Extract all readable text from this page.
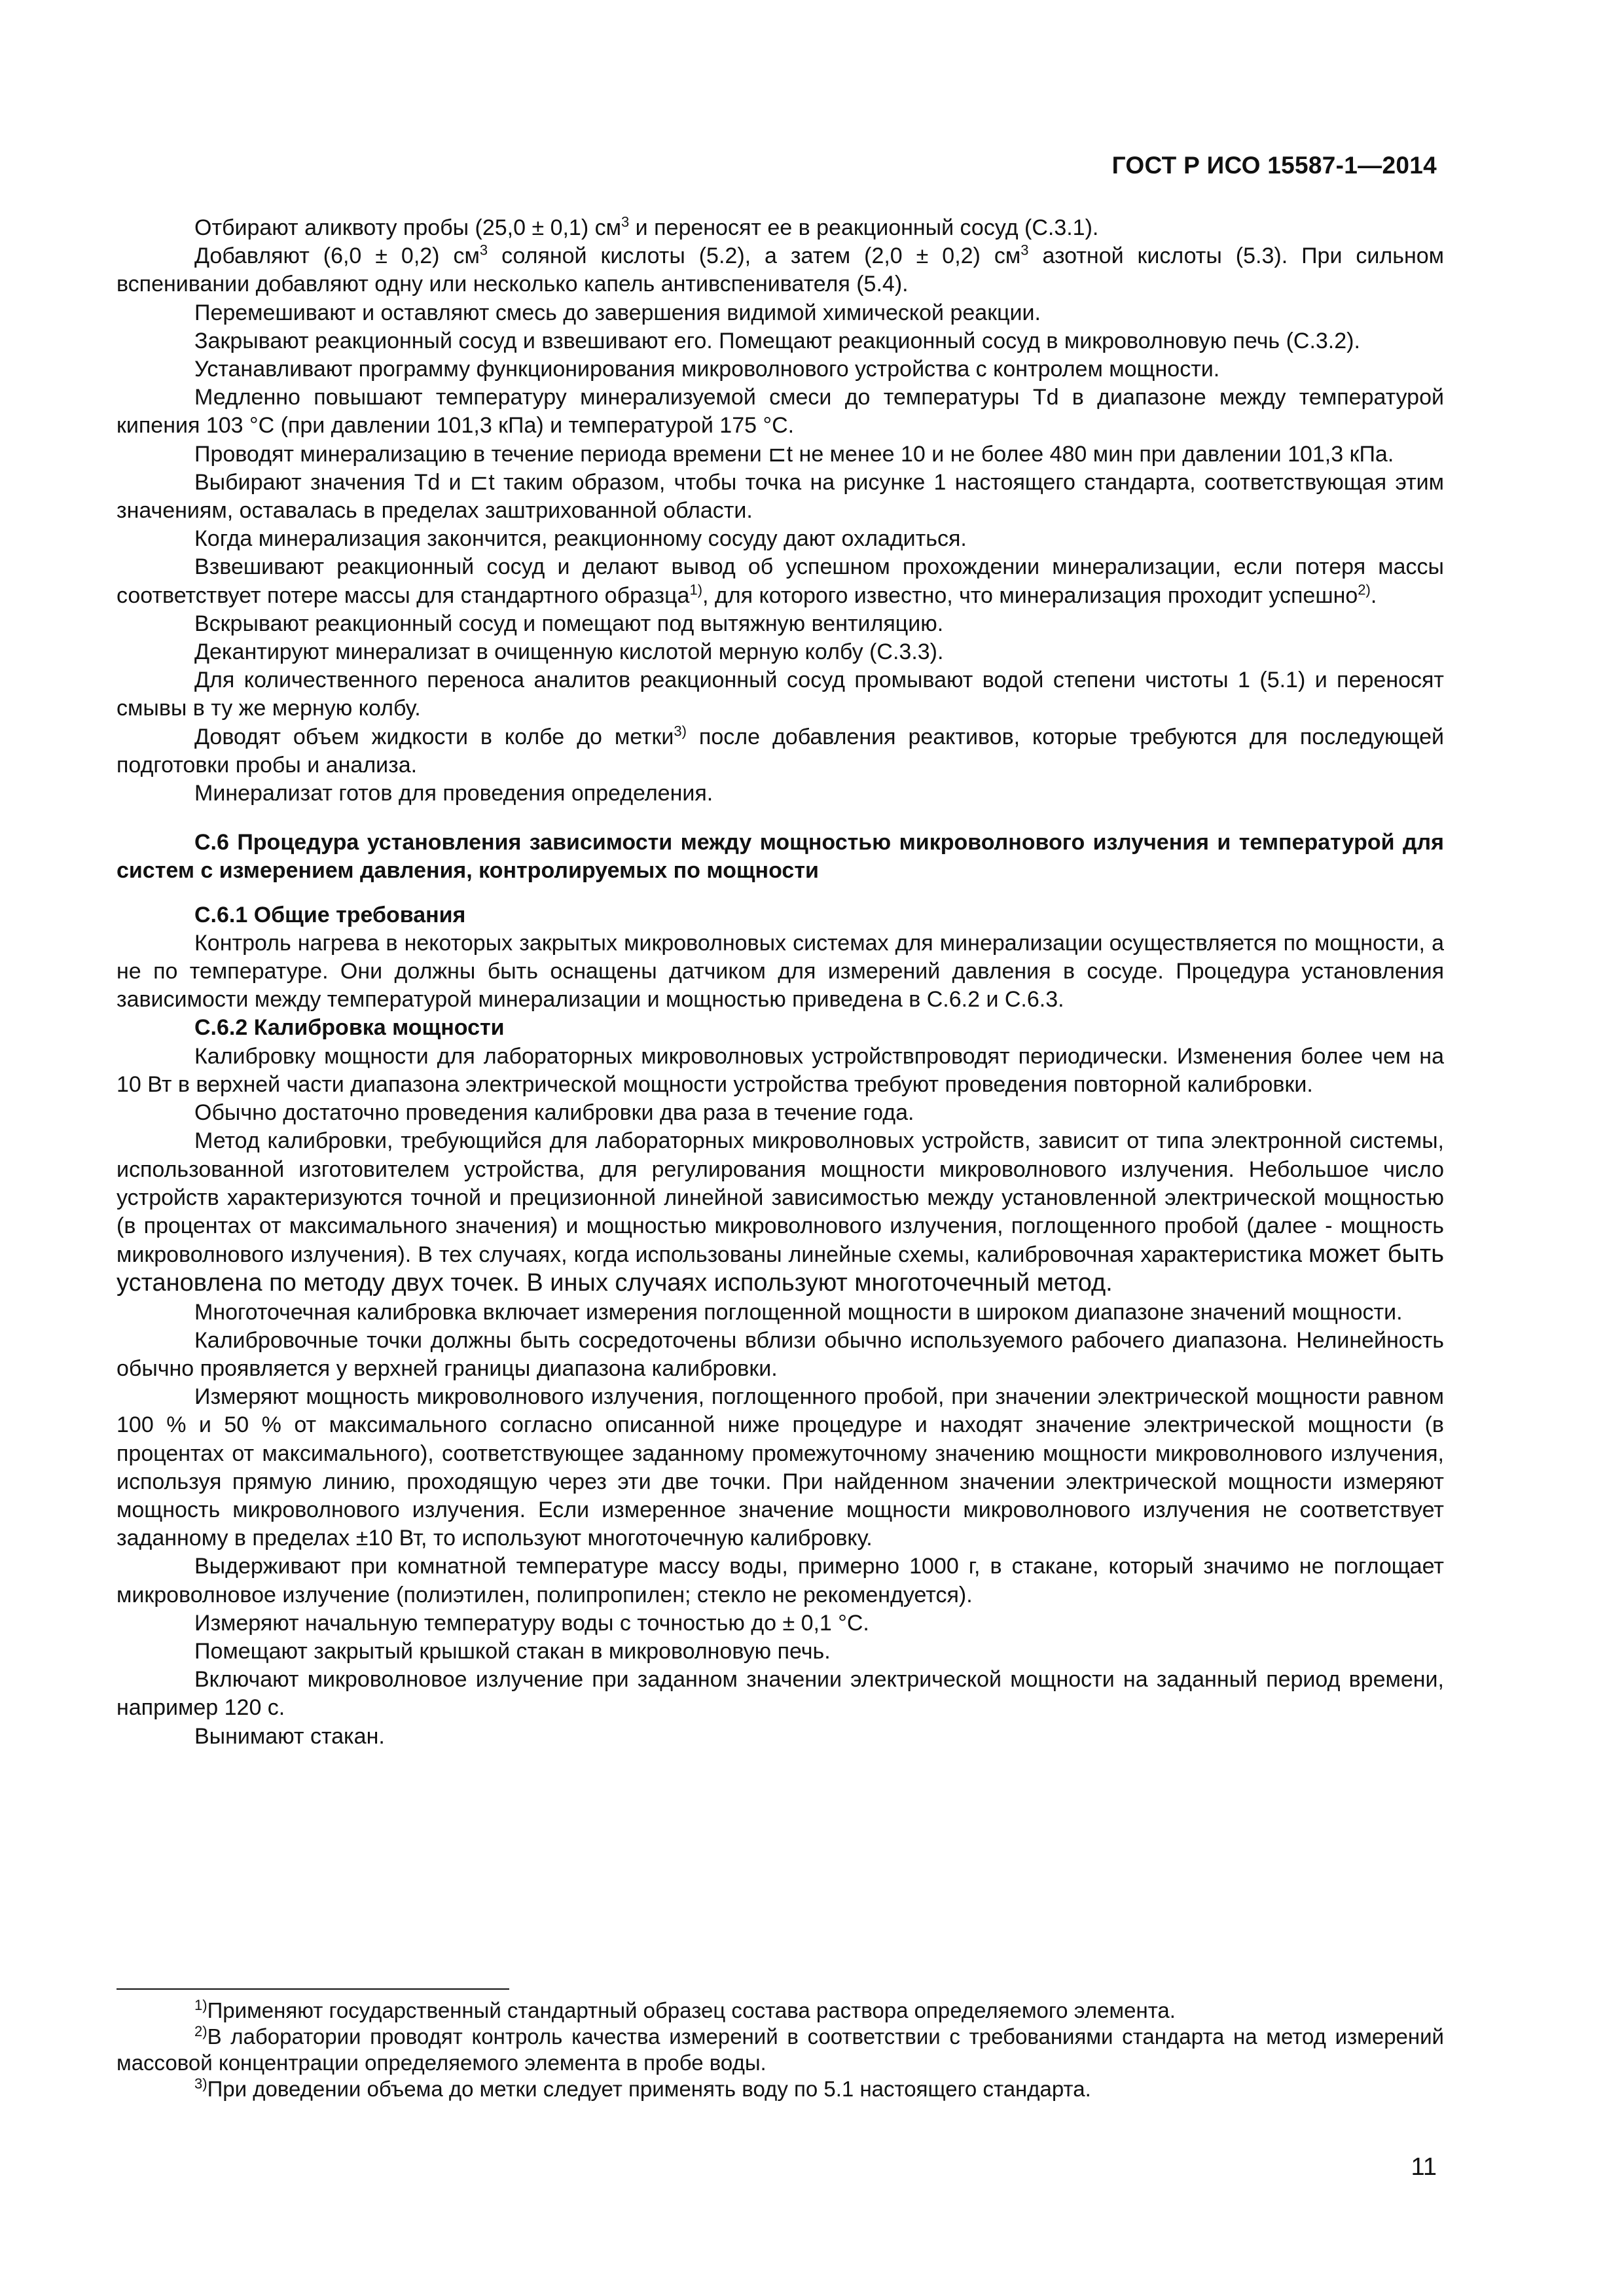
ГОСТ Р ИСО 15587-1—2014

Отбирают аликвоту пробы (25,0 ± 0,1) $см^3$ и переносят ее в реакционный сосуд (С.3.1).

Добавляют (6,0 ± 0,2) $см^3$ соляной кислоты (5.2), а затем (2,0 ± 0,2) $см^3$ азотной кислоты (5.3). При сильном вспенивании добавляют одну или несколько капель антивспенивателя (5.4).

Перемешивают и оставляют смесь до завершения видимой химической реакции.

Закрывают реакционный сосуд и взвешивают его. Помещают реакционный сосуд в микроволновую печь (С.3.2).

Устанавливают программу функционирования микроволнового устройства с контролем мощности.

Медленно повышают температуру минерализуемой смеси до температуры Td в диапазоне между температурой кипения 103 °С (при давлении 101,3 кПа) и температурой 175 °С.

Проводят минерализацию в течение периода времени ⊏t не менее 10 и не более 480 мин при давлении 101,3 кПа.

Выбирают значения Td и ⊏t таким образом, чтобы точка на рисунке 1 настоящего стандарта, соответствующая этим значениям, оставалась в пределах заштрихованной области.

Когда минерализация закончится, реакционному сосуду дают охладиться.

Взвешивают реакционный сосуд и делают вывод об успешном прохождении минерализации, если потеря массы соответствует потере массы для стандартного образца$^{1)}$, для которого известно, что минерализация проходит успешно$^{2)}$.

Вскрывают реакционный сосуд и помещают под вытяжную вентиляцию.

Декантируют минерализат в очищенную кислотой мерную колбу (С.3.3).

Для количественного переноса аналитов реакционный сосуд промывают водой степени чистоты 1 (5.1) и переносят смывы в ту же мерную колбу.

Доводят объем жидкости в колбе до метки$^{3)}$ после добавления реактивов, которые требуются для последующей подготовки пробы и анализа.

Минерализат готов для проведения определения.

С.6 Процедура установления зависимости между мощностью микроволнового излучения и температурой для систем с измерением давления, контролируемых по мощности

С.6.1 Общие требования

Контроль нагрева в некоторых закрытых микроволновых системах для минерализации осуществляется по мощности, а не по температуре. Они должны быть оснащены датчиком для измерений давления в сосуде. Процедура установления зависимости между температурой минерализации и мощностью приведена в С.6.2 и С.6.3.

С.6.2 Калибровка мощности

Калибровку мощности для лабораторных микроволновых устройствпроводят периодически. Изменения более чем на 10 Вт в верхней части диапазона электрической мощности устройства требуют проведения повторной калибровки.

Обычно достаточно проведения калибровки два раза в течение года.

Метод калибровки, требующийся для лабораторных микроволновых устройств, зависит от типа электронной системы, использованной изготовителем устройства, для регулирования мощности микроволнового излучения. Небольшое число устройств характеризуются точной и прецизионной линейной зависимостью между установленной электрической мощностью (в процентах от максимального значения) и мощностью микроволнового излучения, поглощенного пробой (далее - мощность микроволнового излучения). В тех случаях, когда использованы линейные схемы, калибровочная характеристика может быть установлена по методу двух точек. В иных случаях используют многоточечный метод.

Многоточечная калибровка включает измерения поглощенной мощности в широком диапазоне значений мощности.

Калибровочные точки должны быть сосредоточены вблизи обычно используемого рабочего диапазона. Нелинейность обычно проявляется у верхней границы диапазона калибровки.

Измеряют мощность микроволнового излучения, поглощенного пробой, при значении электрической мощности равном 100 % и 50 % от максимального согласно описанной ниже процедуре и находят значение электрической мощности (в процентах от максимального), соответствующее заданному промежуточному значению мощности микроволнового излучения, используя прямую линию, проходящую через эти две точки. При найденном значении электрической мощности измеряют мощность микроволнового излучения. Если измеренное значение мощности микроволнового излучения не соответствует заданному в пределах ±10 Вт, то используют многоточечную калибровку.

Выдерживают при комнатной температуре массу воды, примерно 1000 г, в стакане, который значимо не поглощает микроволновое излучение (полиэтилен, полипропилен; стекло не рекомендуется).

Измеряют начальную температуру воды с точностью до ± 0,1 °С.

Помещают закрытый крышкой стакан в микроволновую печь.

Включают микроволновое излучение при заданном значении электрической мощности на заданный период времени, например 120 с.

Вынимают стакан.

$^{1)}$Применяют государственный стандартный образец состава раствора определяемого элемента.

$^{2)}$В лаборатории проводят контроль качества измерений в соответствии с требованиями стандарта на метод измерений массовой концентрации определяемого элемента в пробе воды.

$^{3)}$При доведении объема до метки следует применять воду по 5.1 настоящего стандарта.

11
